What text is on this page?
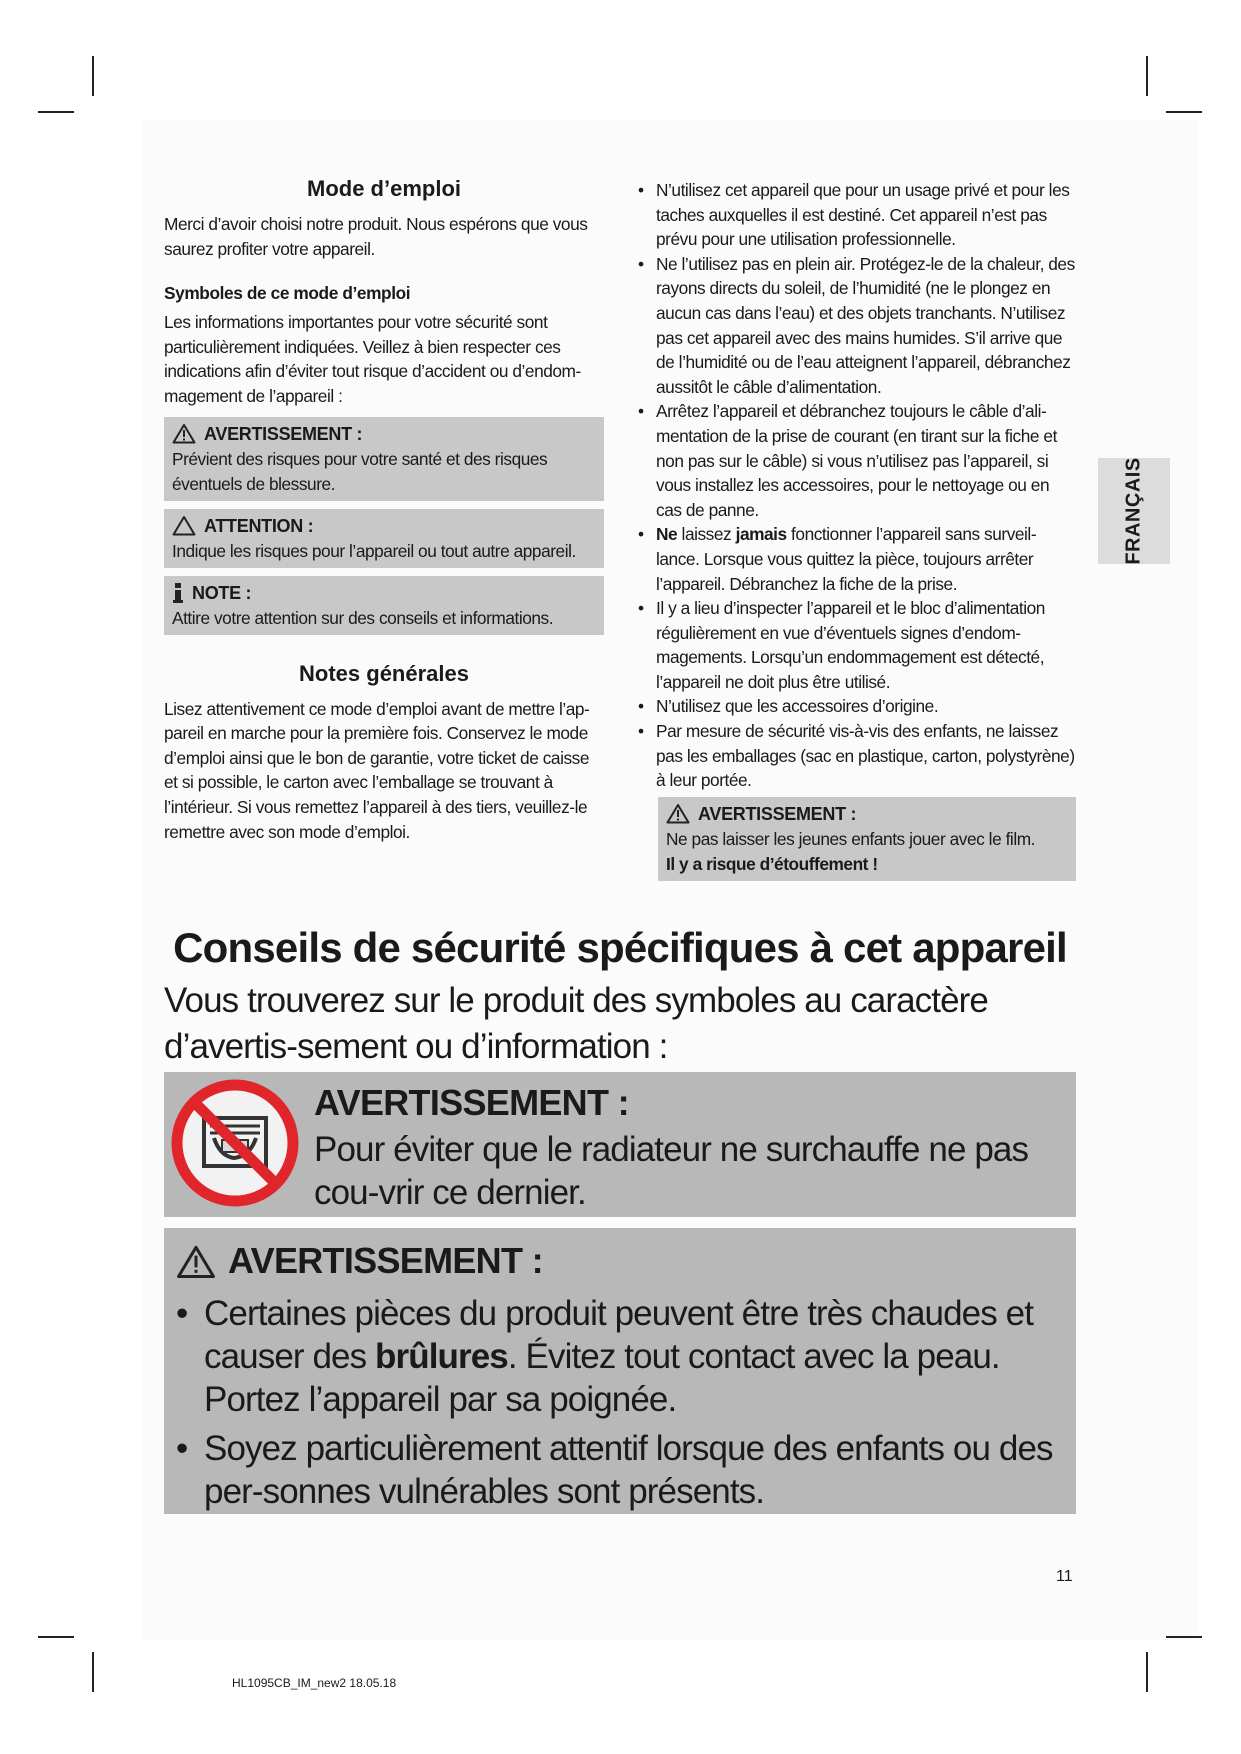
Mode d’emploi

Merci d’avoir choisi notre produit. Nous espérons que vous saurez profiter votre appareil.

Symboles de ce mode d’emploi

Les informations importantes pour votre sécurité sont particulièrement indiquées. Veillez à bien respecter ces indications afin d’éviter tout risque d’accident ou d’endom-magement de l’appareil :

AVERTISSEMENT :

Prévient des risques pour votre santé et des risques éventuels de blessure.

ATTENTION :

Indique les risques pour l’appareil ou tout autre appareil.

NOTE :

Attire votre attention sur des conseils et informations.

Notes générales

Lisez attentivement ce mode d’emploi avant de mettre l’ap-pareil en marche pour la première fois. Conservez le mode d’emploi ainsi que le bon de garantie, votre ticket de caisse et si possible, le carton avec l’emballage se trouvant à l’intérieur. Si vous remettez l’appareil à des tiers, veuillez-le remettre avec son mode d’emploi.

• N’utilisez cet appareil que pour un usage privé et pour les taches auxquelles il est destiné. Cet appareil n’est pas prévu pour une utilisation professionnelle.
• Ne l’utilisez pas en plein air. Protégez-le de la chaleur, des rayons directs du soleil, de l’humidité (ne le plongez en aucun cas dans l’eau) et des objets tranchants. N’utilisez pas cet appareil avec des mains humides. S’il arrive que de l’humidité ou de l’eau atteignent l’appareil, débranchez aussitôt le câble d’alimentation.
• Arrêtez l’appareil et débranchez toujours le câble d’ali-mentation de la prise de courant (en tirant sur la fiche et non pas sur le câble) si vous n’utilisez pas l’appareil, si vous installez les accessoires, pour le nettoyage ou en cas de panne.
• Ne laissez jamais fonctionner l’appareil sans surveil-lance. Lorsque vous quittez la pièce, toujours arrêter l’appareil. Débranchez la fiche de la prise.
• Il y a lieu d’inspecter l’appareil et le bloc d’alimentation régulièrement en vue d’éventuels signes d’endom-magements. Lorsqu’un endommagement est détecté, l’appareil ne doit plus être utilisé.
• N’utilisez que les accessoires d’origine.
• Par mesure de sécurité vis-à-vis des enfants, ne laissez pas les emballages (sac en plastique, carton, polystyrène) à leur portée.
AVERTISSEMENT :

Ne pas laisser les jeunes enfants jouer avec le film.

Il y a risque d’étouffement !

FRANÇAIS
Conseils de sécurité spécifiques à cet appareil
Vous trouverez sur le produit des symboles au caractère d’avertis-sement ou d’information :
AVERTISSEMENT :
Pour éviter que le radiateur ne surchauffe ne pas cou-vrir ce dernier.
AVERTISSEMENT :
• Certaines pièces du produit peuvent être très chaudes et causer des brûlures. Évitez tout contact avec la peau. Portez l’appareil par sa poignée.
• Soyez particulièrement attentif lorsque des enfants ou des per-sonnes vulnérables sont présents.
11
HL1095CB_IM_new2 18.05.18
